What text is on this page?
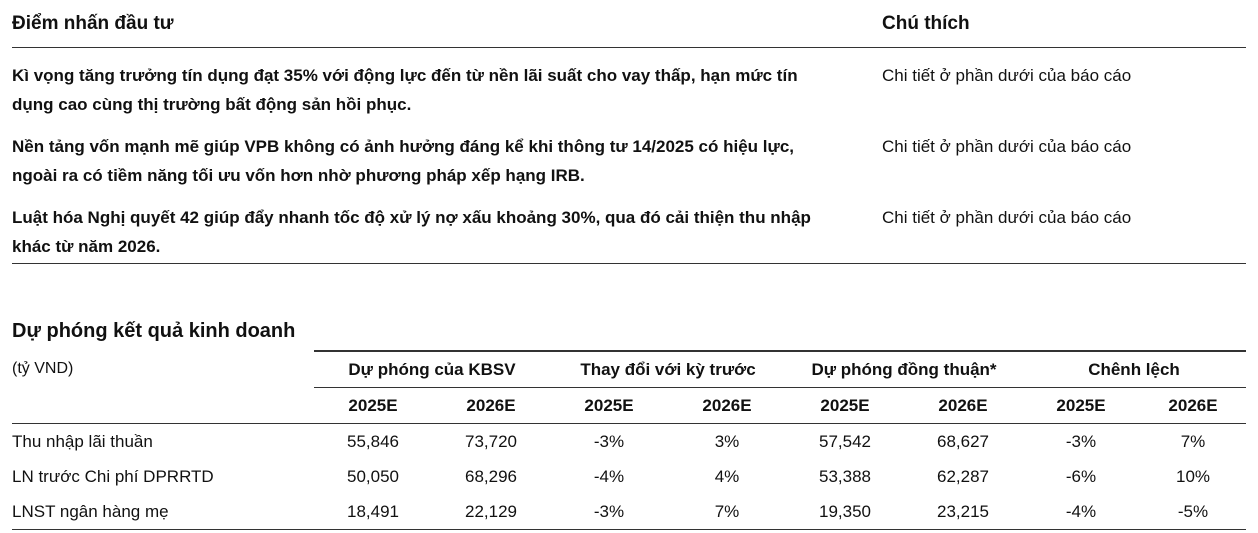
Điểm nhấn đầu tư	Chú thích
Kì vọng tăng trưởng tín dụng đạt 35% với động lực đến từ nền lãi suất cho vay thấp, hạn mức tín
dụng cao cùng thị trường bất động sản hồi phục.
Chi tiết ở phần dưới của báo cáo
Nền tảng vốn mạnh mẽ giúp VPB không có ảnh hưởng đáng kể khi thông tư 14/2025 có hiệu lực,
ngoài ra có tiềm năng tối ưu vốn hơn nhờ phương pháp xếp hạng IRB.
Chi tiết ở phần dưới của báo cáo
Luật hóa Nghị quyết 42 giúp đẩy nhanh tốc độ xử lý nợ xấu khoảng 30%, qua đó cải thiện thu nhập
khác từ năm 2026.
Chi tiết ở phần dưới của báo cáo
Dự phóng kết quả kinh doanh
(tỷ VND)	Dự phóng của KBSV		Thay đổi với kỳ trước		Dự phóng đồng thuận*		Chênh lệch	
	2025E	2026E	2025E	2026E	2025E	2026E	2025E	2026E
Thu nhập lãi thuần	55,846	73,720	-3%	3%	57,542	68,627	-3%	7%
LN trước Chi phí DPRRTD	50,050	68,296	-4%	4%	53,388	62,287	-6%	10%
LNST ngân hàng mẹ	18,491	22,129	-3%	7%	19,350	23,215	-4%	-5%
